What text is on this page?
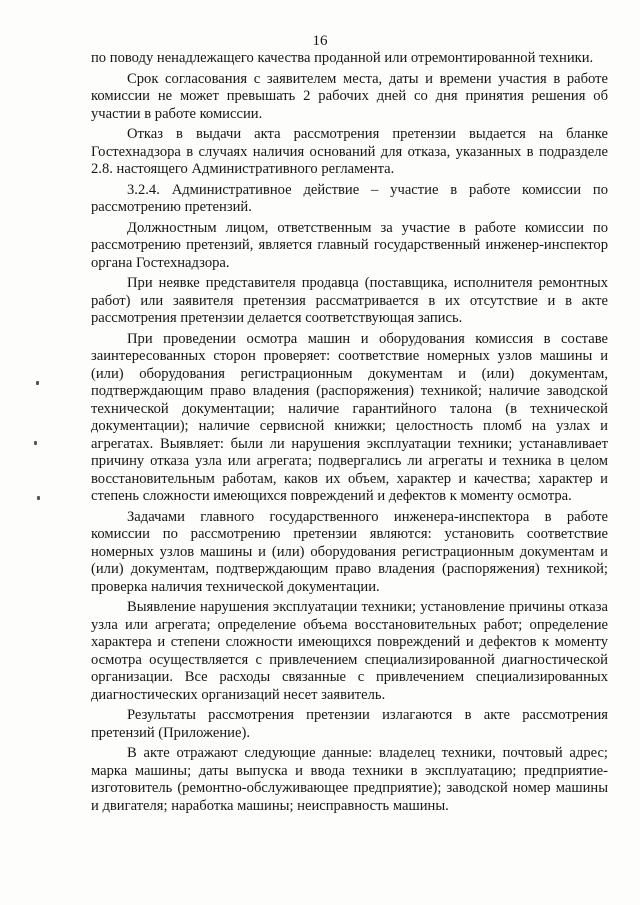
16

по поводу ненадлежащего качества проданной или отремонтированной техники.

Срок согласования с заявителем места, даты и времени участия в работе комиссии не может превышать 2 рабочих дней со дня принятия решения об участии в работе комиссии.

Отказ в выдачи акта рассмотрения претензии выдается на бланке Гостехнадзора в случаях наличия оснований для отказа, указанных в подразделе 2.8. настоящего Административного регламента.

3.2.4. Административное действие – участие в работе комиссии по рассмотрению претензий.

Должностным лицом, ответственным за участие в работе комиссии по рассмотрению претензий, является главный государственный инженер-инспектор органа Гостехнадзора.

При неявке представителя продавца (поставщика, исполнителя ремонтных работ) или заявителя претензия рассматривается в их отсутствие и в акте рассмотрения претензии делается соответствующая запись.

При проведении осмотра машин и оборудования комиссия в составе заинтересованных сторон проверяет: соответствие номерных узлов машины и (или) оборудования регистрационным документам и (или) документам, подтверждающим право владения (распоряжения) техникой; наличие заводской технической документации; наличие гарантийного талона (в технической документации); наличие сервисной книжки; целостность пломб на узлах и агрегатах. Выявляет: были ли нарушения эксплуатации техники; устанавливает причину отказа узла или агрегата; подвергались ли агрегаты и техника в целом восстановительным работам, каков их объем, характер и качества; характер и степень сложности имеющихся повреждений и дефектов к моменту осмотра.

Задачами главного государственного инженера-инспектора в работе комиссии по рассмотрению претензии являются: установить соответствие номерных узлов машины и (или) оборудования регистрационным документам и (или) документам, подтверждающим право владения (распоряжения) техникой; проверка наличия технической документации.

Выявление нарушения эксплуатации техники; установление причины отказа узла или агрегата; определение объема восстановительных работ; определение характера и степени сложности имеющихся повреждений и дефектов к моменту осмотра осуществляется с привлечением специализированной диагностической организации. Все расходы связанные с привлечением специализированных диагностических организаций несет заявитель.

Результаты рассмотрения претензии излагаются в акте рассмотрения претензий (Приложение).

В акте отражают следующие данные: владелец техники, почтовый адрес; марка машины; даты выпуска и ввода техники в эксплуатацию; предприятие-изготовитель (ремонтно-обслуживающее предприятие); заводской номер машины и двигателя; наработка машины; неисправность машины.
